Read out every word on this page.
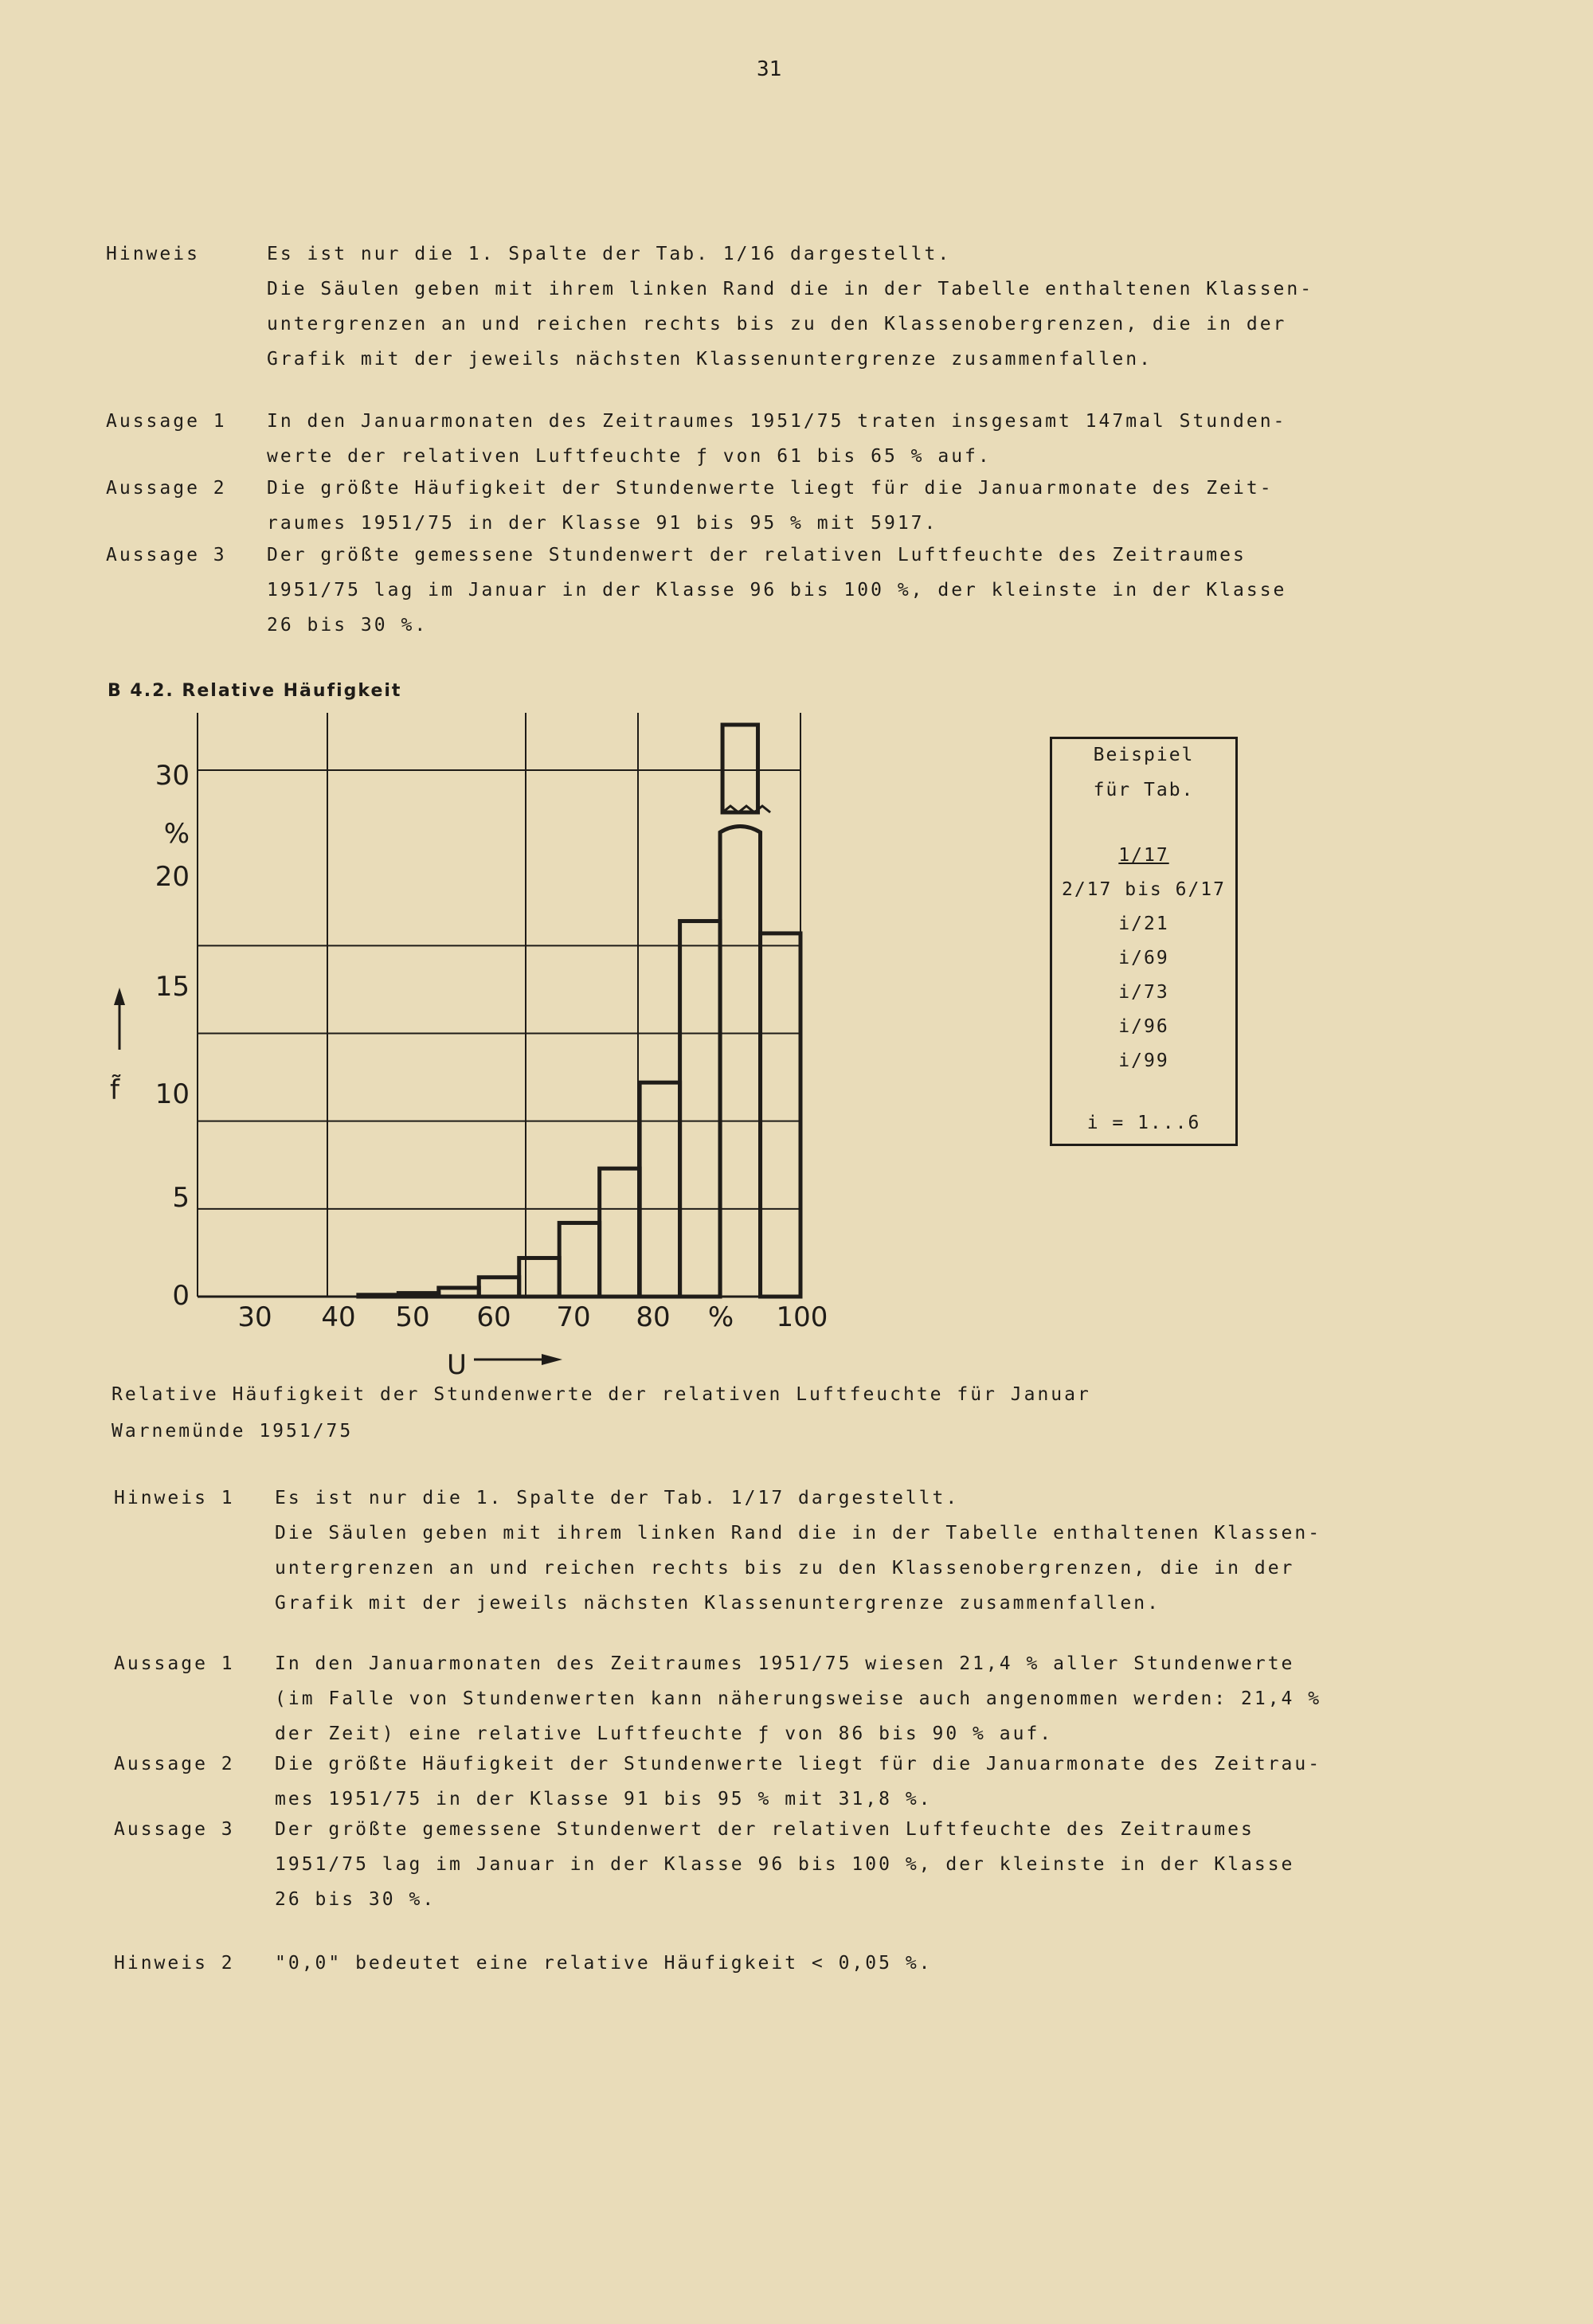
31
Hinweis	Es ist nur die 1. Spalte der Tab. 1/16 dargestellt.
Die Säulen geben mit ihrem linken Rand die in der Tabelle enthaltenen Klassen-
untergrenzen an und reichen rechts bis zu den Klassenobergrenzen, die in der
Grafik mit der jeweils nächsten Klassenuntergrenze zusammenfallen.
Aussage 1 In den Januarmonaten des Zeitraumes 1951/75 traten insgesamt 147mal Stunden-
werte der relativen Luftfeuchte ƒ von 61 bis 65 % auf.
Aussage 2 Die größte Häufigkeit der Stundenwerte liegt für die Januarmonate des Zeit-
raumes 1951/75 in der Klasse 91 bis 95 % mit 5917.
Aussage 3 Der größte gemessene Stundenwert der relativen Luftfeuchte des Zeitraumes
1951/75 lag im Januar in der Klasse 96 bis 100 %, der kleinste in der Klasse
26 bis 30 %.
B 4.2. Relative Häufigkeit
0
5
10
15
20
%
30
30 40 50 60 70 80 % 100
f̃
U
Beispiel
für Tab.
1/17
2/17 bis 6/17
i/21
i/69
i/73
i/96
i/99
i = 1...6
Relative Häufigkeit der Stundenwerte der relativen Luftfeuchte für Januar
Warnemünde 1951/75
Hinweis 1 Es ist nur die 1. Spalte der Tab. 1/17 dargestellt.
Die Säulen geben mit ihrem linken Rand die in der Tabelle enthaltenen Klassen-
untergrenzen an und reichen rechts bis zu den Klassenobergrenzen, die in der
Grafik mit der jeweils nächsten Klassenuntergrenze zusammenfallen.
Aussage 1 In den Januarmonaten des Zeitraumes 1951/75 wiesen 21,4 % aller Stundenwerte
(im Falle von Stundenwerten kann näherungsweise auch angenommen werden: 21,4 %
der Zeit) eine relative Luftfeuchte ƒ von 86 bis 90 % auf.
Aussage 2 Die größte Häufigkeit der Stundenwerte liegt für die Januarmonate des Zeitrau-
mes 1951/75 in der Klasse 91 bis 95 % mit 31,8 %.
Aussage 3 Der größte gemessene Stundenwert der relativen Luftfeuchte des Zeitraumes
1951/75 lag im Januar in der Klasse 96 bis 100 %, der kleinste in der Klasse
26 bis 30 %.
Hinweis 2 "0,0" bedeutet eine relative Häufigkeit < 0,05 %.
